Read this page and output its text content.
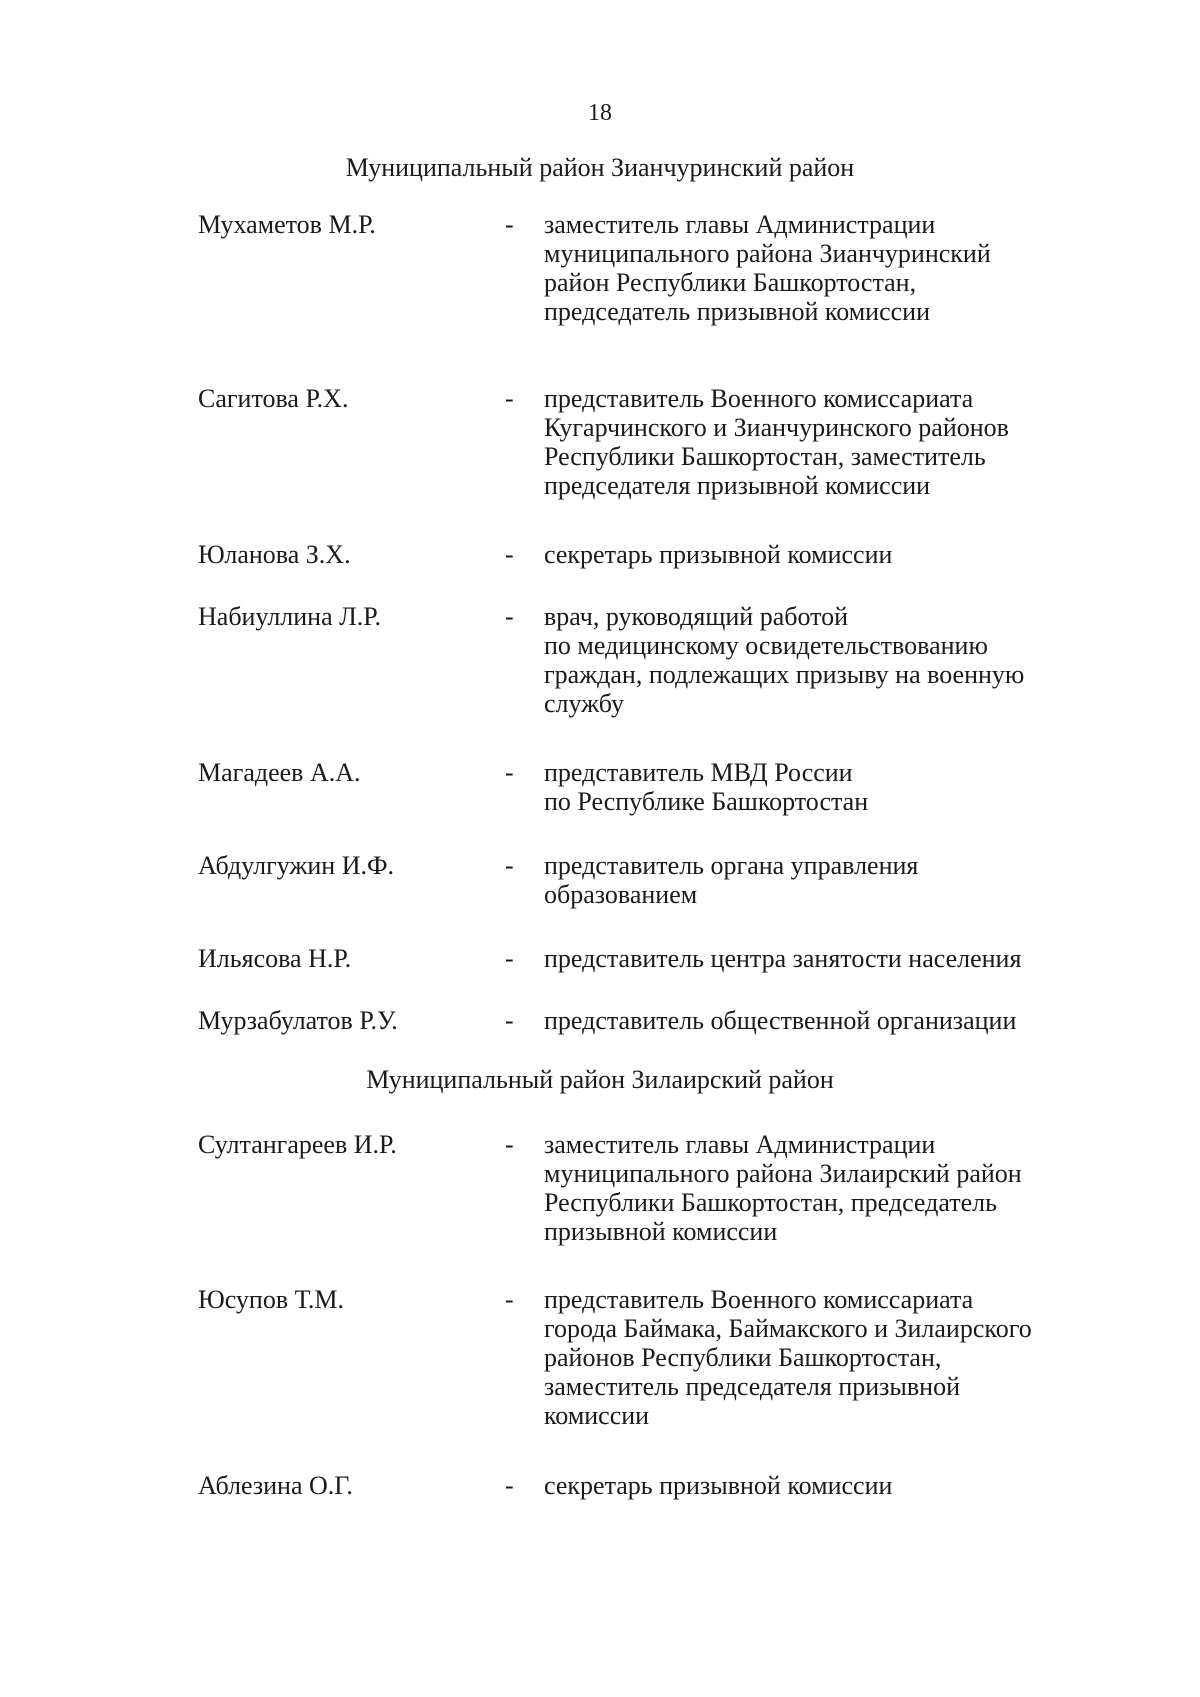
18
Муниципальный район Зианчуринский район
Мухаметов М.Р.	- заместитель главы Администрации
муниципального района Зианчуринский
район Республики Башкортостан,
председатель призывной комиссии
Сагитова Р.Х.	- представитель Военного комиссариата
Кугарчинского и Зианчуринского районов
Республики Башкортостан, заместитель
председателя призывной комиссии
Юланова З.Х.	- секретарь призывной комиссии
Набиуллина Л.Р.	- врач, руководящий работой
по медицинскому освидетельствованию
граждан, подлежащих призыву на военную
службу
Магадеев А.А.	- представитель МВД России
по Республике Башкортостан
Абдулгужин И.Ф.	- представитель органа управления
образованием
Ильясова Н.Р.	- представитель центра занятости населения
Мурзабулатов Р.У.	- представитель общественной организации
Муниципальный район Зилаирский район
Султангареев И.Р.	- заместитель главы Администрации
муниципального района Зилаирский район
Республики Башкортостан, председатель
призывной комиссии
Юсупов Т.М.	- представитель Военного комиссариата
города Баймака, Баймакского и Зилаирского
районов Республики Башкортостан,
заместитель председателя призывной
комиссии
Аблезина О.Г.	- секретарь призывной комиссии
